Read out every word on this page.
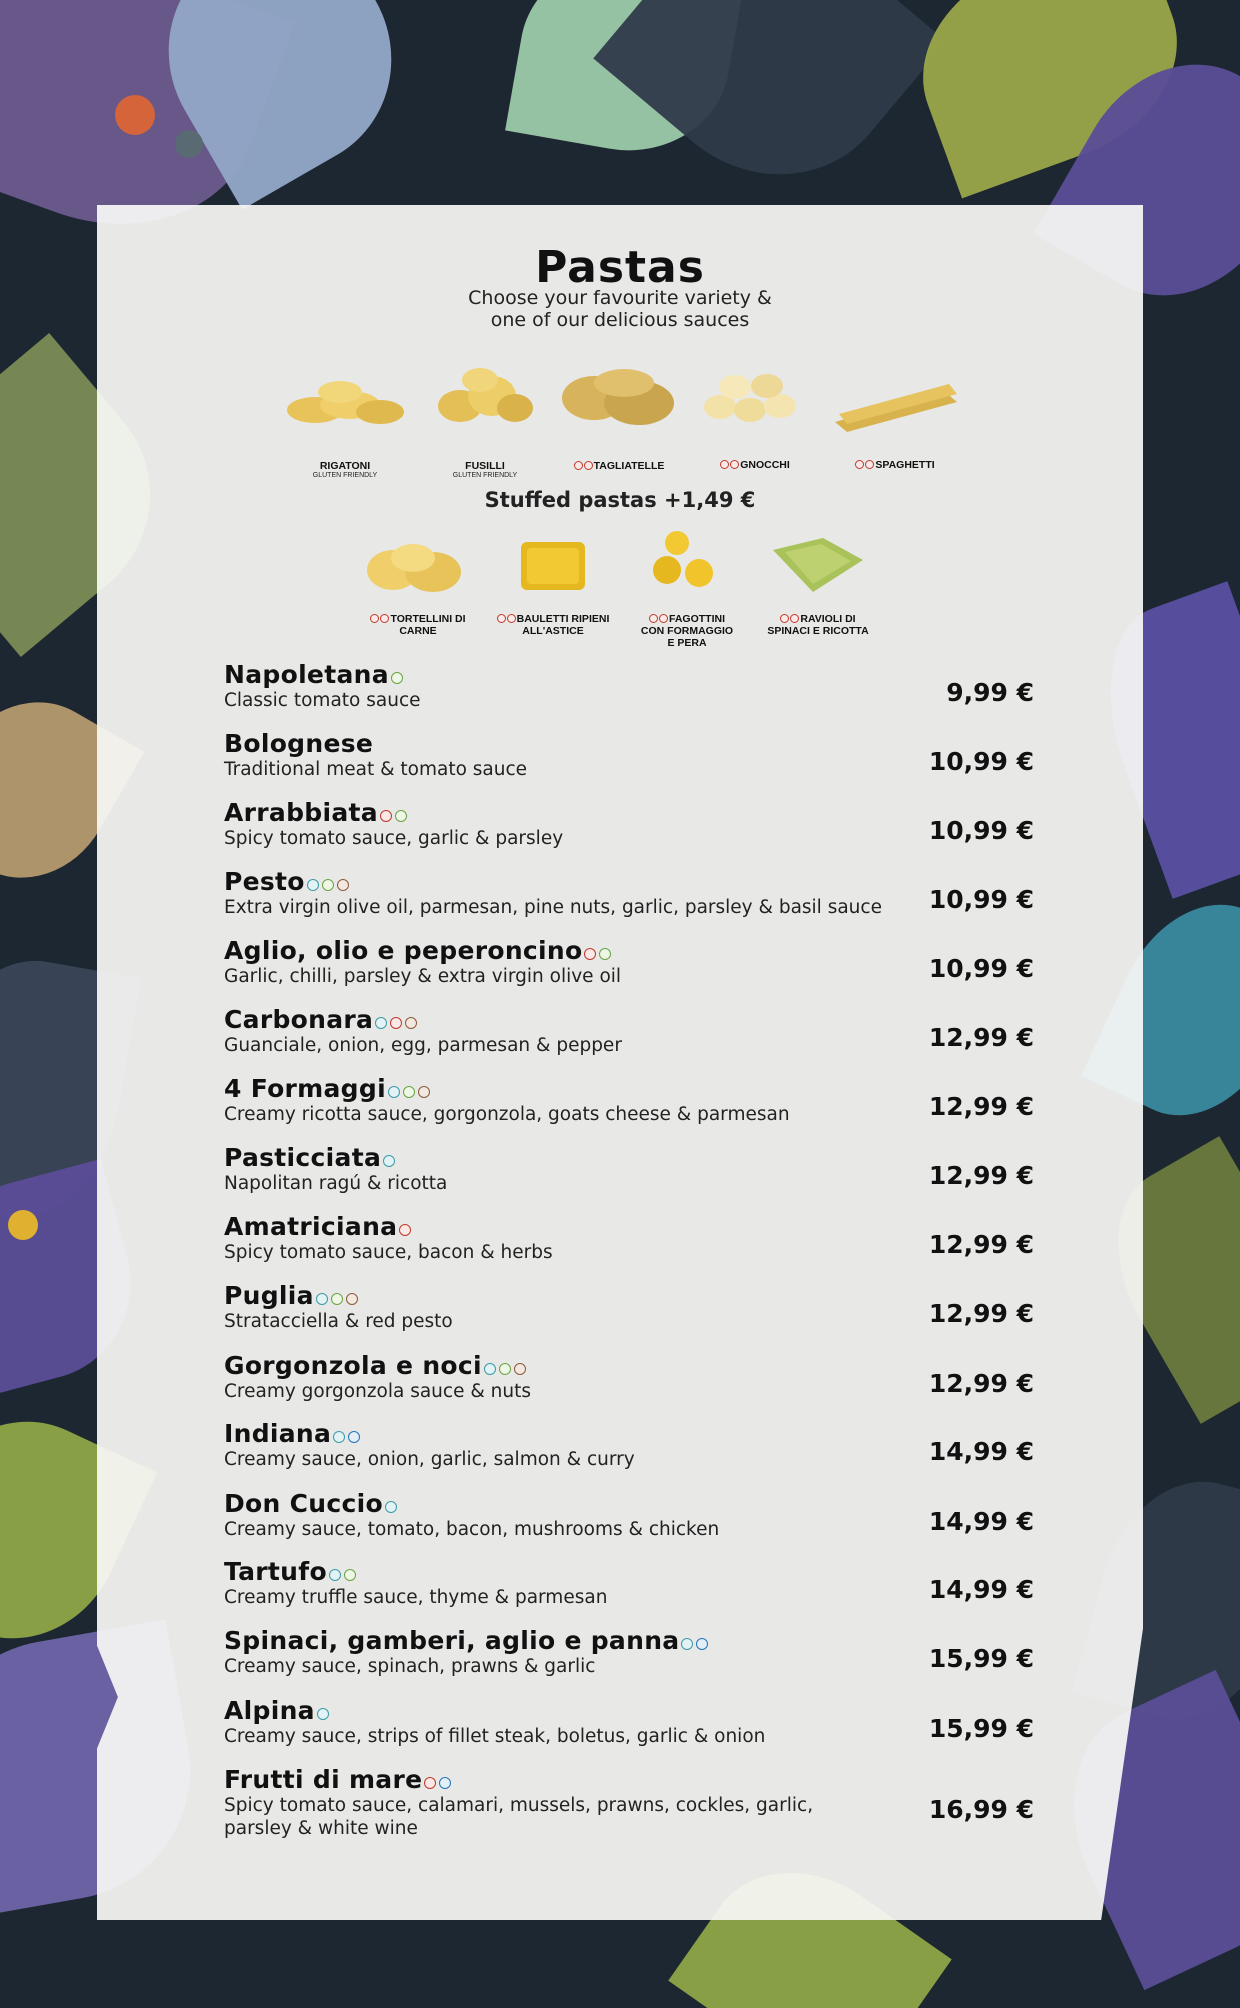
Pastas
Choose your favourite variety &
one of our delicious sauces
RIGATONI
GLUTEN FRIENDLY
FUSILLI
GLUTEN FRIENDLY
TAGLIATELLE	GNOCCHI	SPAGHETTI
Stuffed pastas +1,49 €
TORTELLINI DI
CARNE
BAULETTI RIPIENI
ALL'ASTICE
FAGOTTINI
CON FORMAGGIO
E PERA
RAVIOLI DI
SPINACI E RICOTTA
Napoletana
Classic tomato sauce	9,99 €
Bolognese
Traditional meat & tomato sauce	10,99 €
Arrabbiata
Spicy tomato sauce, garlic & parsley	10,99 €
Pesto
Extra virgin olive oil, parmesan, pine nuts, garlic, parsley & basil sauce	10,99 €
Aglio, olio e peperoncino
Garlic, chilli, parsley & extra virgin olive oil	10,99 €
Carbonara
Guanciale, onion, egg, parmesan & pepper	12,99 €
4 Formaggi
Creamy ricotta sauce, gorgonzola, goats cheese & parmesan	12,99 €
Pasticciata
Napolitan ragú & ricotta	12,99 €
Amatriciana
Spicy tomato sauce, bacon & herbs	12,99 €
Puglia
Stratacciella & red pesto	12,99 €
Gorgonzola e noci
Creamy gorgonzola sauce & nuts	12,99 €
Indiana
Creamy sauce, onion, garlic, salmon & curry	14,99 €
Don Cuccio
Creamy sauce, tomato, bacon, mushrooms & chicken	14,99 €
Tartufo
Creamy truffle sauce, thyme & parmesan	14,99 €
Spinaci, gamberi, aglio e panna
Creamy sauce, spinach, prawns & garlic	15,99 €
Alpina
Creamy sauce, strips of fillet steak, boletus, garlic & onion	15,99 €
Frutti di mare
Spicy tomato sauce, calamari, mussels, prawns, cockles, garlic,
parsley & white wine
16,99 €
